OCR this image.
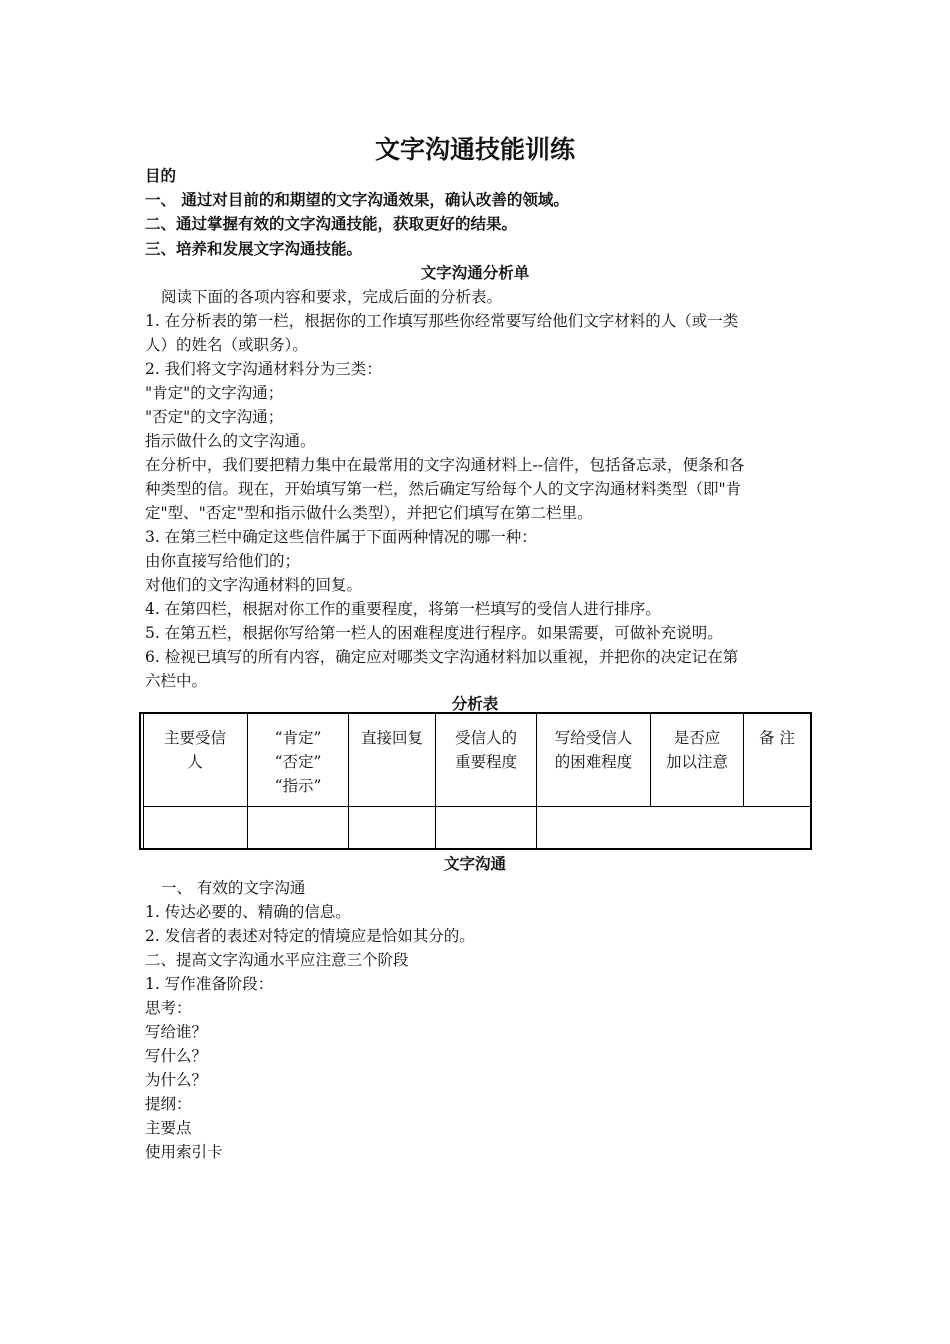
文字沟通技能训练
目的
一、 通过对目前的和期望的文字沟通效果，确认改善的领域。
二、通过掌握有效的文字沟通技能，获取更好的结果。
三、培养和发展文字沟通技能。
文字沟通分析单
阅读下面的各项内容和要求，完成后面的分析表。
1. 在分析表的第一栏，根据你的工作填写那些你经常要写给他们文字材料的人（或一类
人）的姓名（或职务）。
2. 我们将文字沟通材料分为三类：
"肯定"的文字沟通；
"否定"的文字沟通；
指示做什么的文字沟通。
在分析中，我们要把精力集中在最常用的文字沟通材料上--信件，包括备忘录，便条和各
种类型的信。现在，开始填写第一栏，然后确定写给每个人的文字沟通材料类型（即"肯
定"型、"否定"型和指示做什么类型），并把它们填写在第二栏里。
3. 在第三栏中确定这些信件属于下面两种情况的哪一种：
由你直接写给他们的；
对他们的文字沟通材料的回复。
4. 在第四栏，根据对你工作的重要程度，将第一栏填写的受信人进行排序。
5. 在第五栏，根据你写给第一栏人的困难程度进行程序。如果需要，可做补充说明。
6. 检视已填写的所有内容，确定应对哪类文字沟通材料加以重视，并把你的决定记在第
六栏中。
分析表
主要受信
人
“肯定”
“否定”
“指示”
直接回复	受信人的
重要程度
写给受信人
的困难程度
是否应
加以注意
备 注
文字沟通
一、 有效的文字沟通
1. 传达必要的、精确的信息。
2. 发信者的表述对特定的情境应是恰如其分的。
二、提高文字沟通水平应注意三个阶段
1. 写作准备阶段：
思考：
写给谁？
写什么？
为什么？
提纲：
主要点
使用索引卡
